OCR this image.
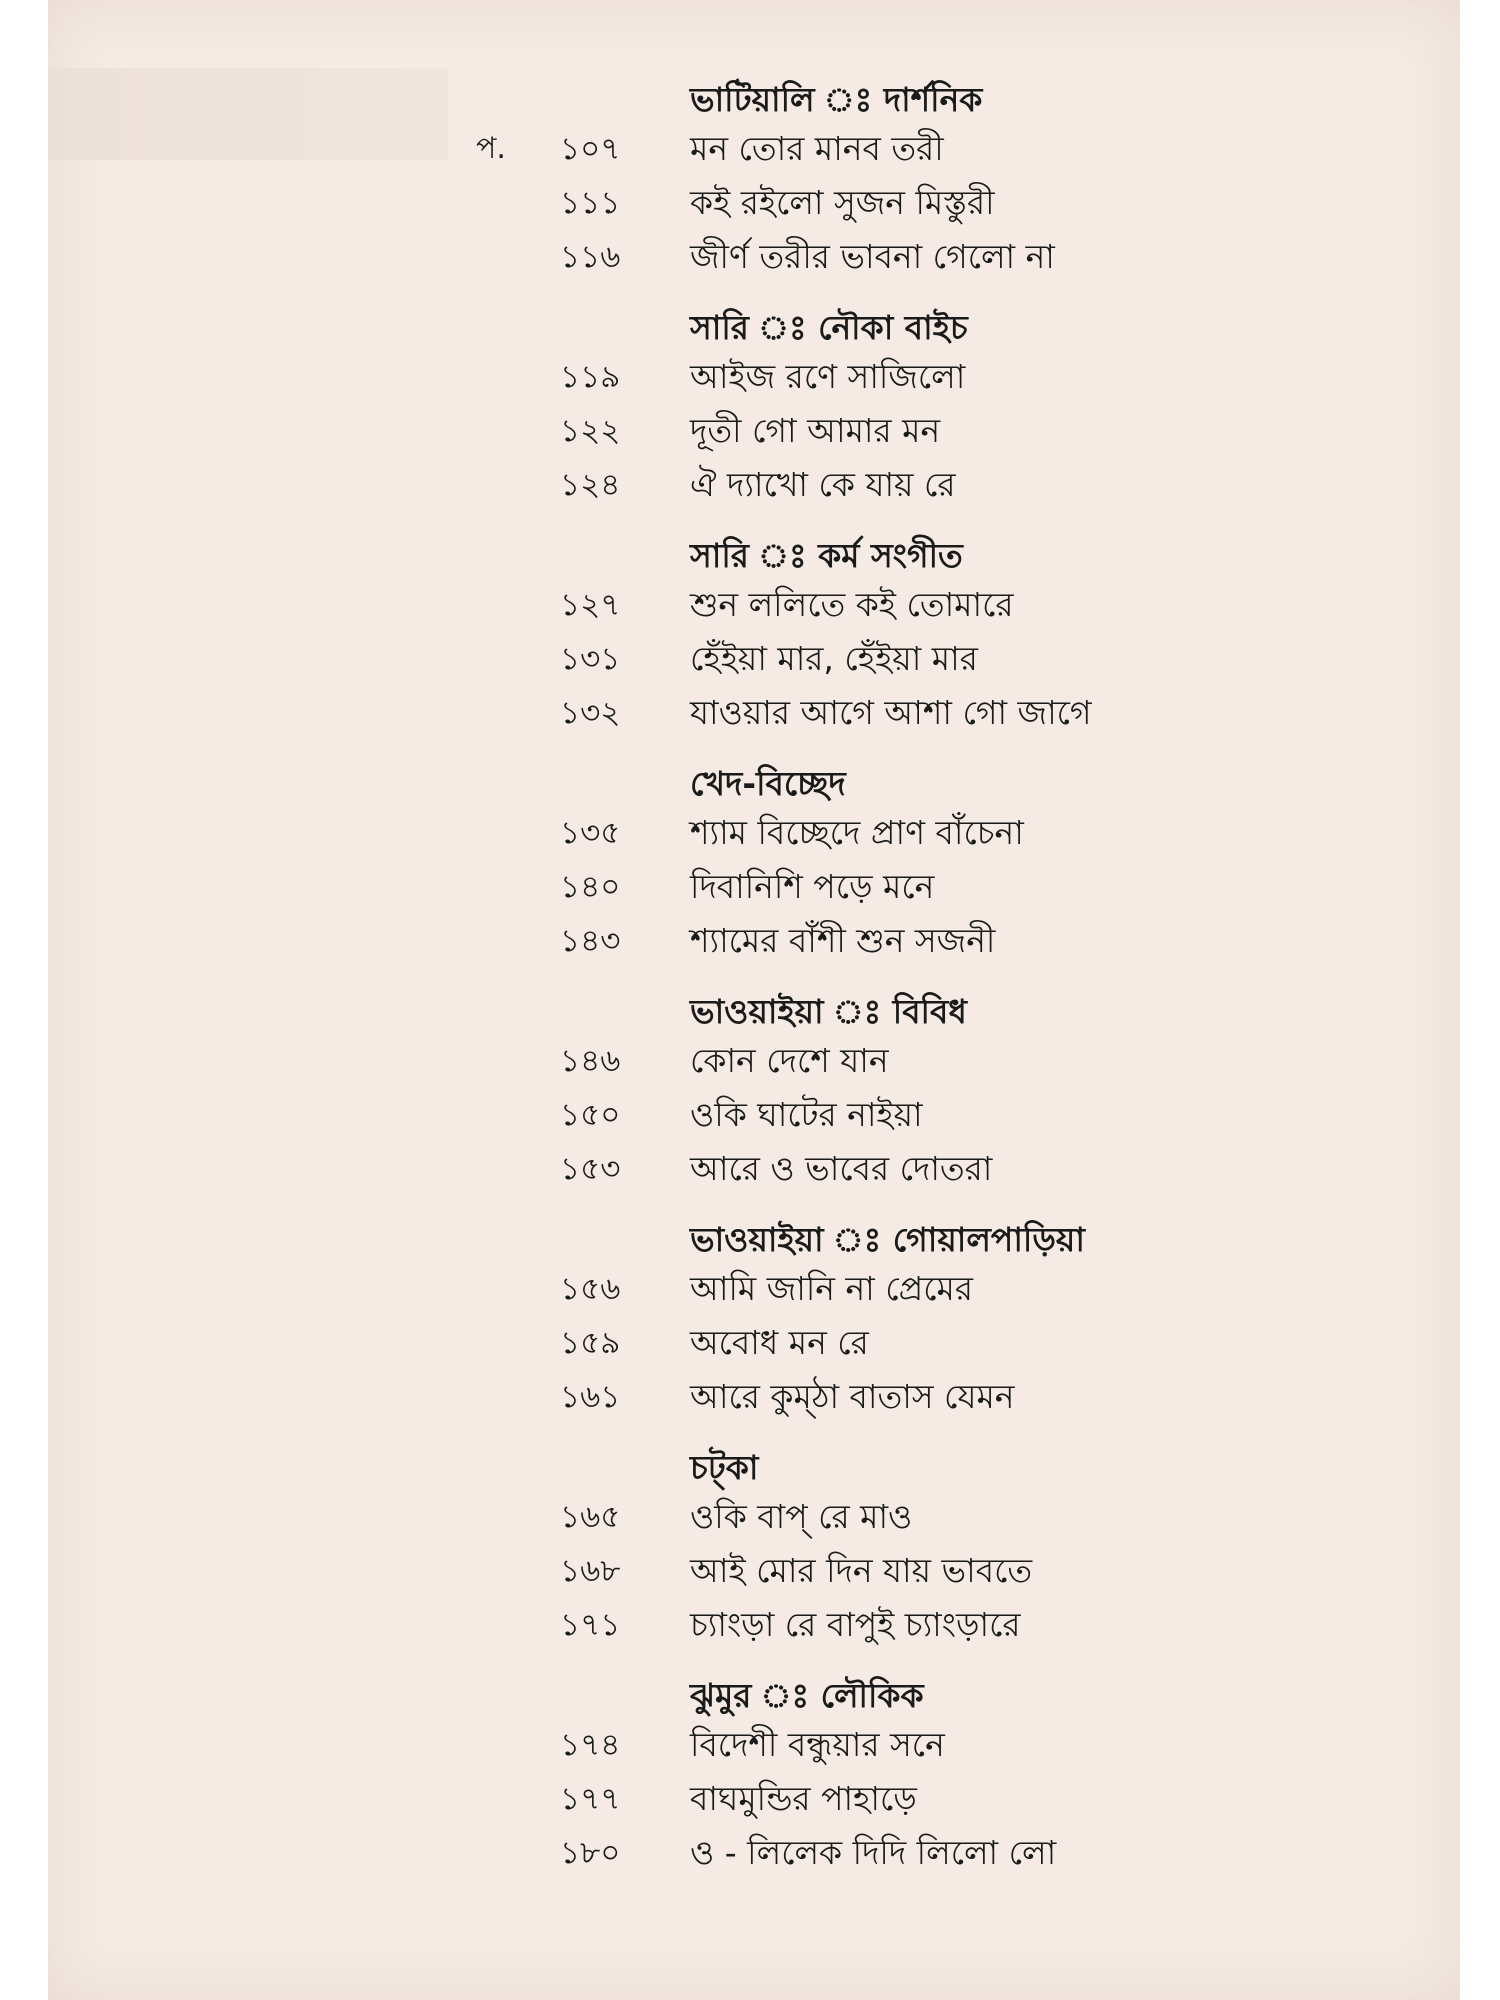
ভাটিয়ালি ঃ দার্শনিক
প.	১০৭	মন তোর মানব তরী
১১১	কই রইলো সুজন মিস্তুরী
১১৬	জীর্ণ তরীর ভাবনা গেলো না
সারি ঃ নৌকা বাইচ
১১৯	আইজ রণে সাজিলো
১২২	দূতী গো আমার মন
১২৪	ঐ দ্যাখো কে যায় রে
সারি ঃ কর্ম সংগীত
১২৭	শুন ললিতে কই তোমারে
১৩১	হেঁইয়া মার, হেঁইয়া মার
১৩২	যাওয়ার আগে আশা গো জাগে
খেদ-বিচ্ছেদ
১৩৫	শ্যাম বিচ্ছেদে প্রাণ বাঁচেনা
১৪০	দিবানিশি পড়ে মনে
১৪৩	শ্যামের বাঁশী শুন সজনী
ভাওয়াইয়া ঃ বিবিধ
১৪৬	কোন দেশে যান
১৫০	ওকি ঘাটের নাইয়া
১৫৩	আরে ও ভাবের দোতরা
ভাওয়াইয়া ঃ গোয়ালপাড়িয়া
১৫৬	আমি জানি না প্রেমের
১৫৯	অবোধ মন রে
১৬১	আরে কুম্ঠা বাতাস যেমন
চট্‌কা
১৬৫	ওকি বাপ্ রে মাও
১৬৮	আই মোর দিন যায় ভাবতে
১৭১	চ্যাংড়া রে বাপুই চ্যাংড়ারে
ঝুমুর ঃ লৌকিক
১৭৪	বিদেশী বন্ধুয়ার সনে
১৭৭	বাঘমুন্ডির পাহাড়ে
১৮০	ও - লিলেক দিদি লিলো লো
